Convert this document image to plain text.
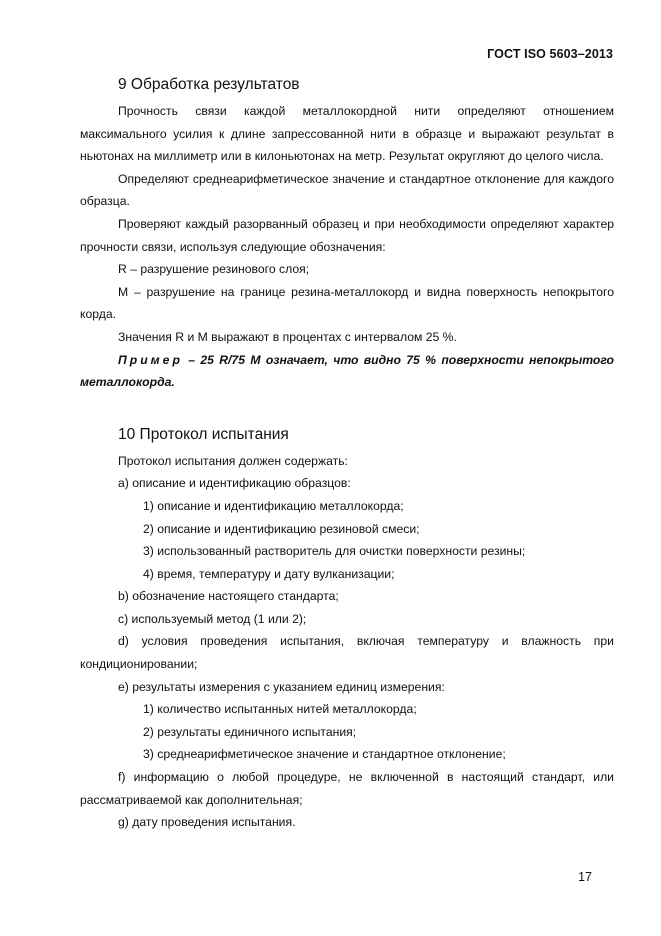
ГОСТ ISO 5603–2013
9 Обработка результатов

Прочность связи каждой металлокордной нити определяют отношением максимального усилия к длине запрессованной нити в образце и выражают результат в ньютонах на миллиметр или в килоньютонах на метр. Результат округляют до целого числа.

Определяют среднеарифметическое значение и стандартное отклонение для каждого образца.

Проверяют каждый разорванный образец и при необходимости определяют характер прочности связи, используя следующие обозначения:

R – разрушение резинового слоя;

M – разрушение на границе резина-металлокорд и видна поверхность непокрытого корда.

Значения R и M выражают в процентах с интервалом 25 %.

Пример – 25 R/75 M означает, что видно 75 % поверхности непокрытого металлокорда.

10 Протокол испытания

Протокол испытания должен содержать:

a) описание и идентификацию образцов:

1) описание и идентификацию металлокорда;

2) описание и идентификацию резиновой смеси;

3) использованный растворитель для очистки поверхности резины;

4) время, температуру и дату вулканизации;

b) обозначение настоящего стандарта;

c) используемый метод (1 или 2);

d) условия проведения испытания, включая температуру и влажность при кондиционировании;

e) результаты измерения с указанием единиц измерения:

1) количество испытанных нитей металлокорда;

2) результаты единичного испытания;

3) среднеарифметическое значение и стандартное отклонение;

f) информацию о любой процедуре, не включенной в настоящий стандарт, или рассматриваемой как дополнительная;

g) дату проведения испытания.

17
